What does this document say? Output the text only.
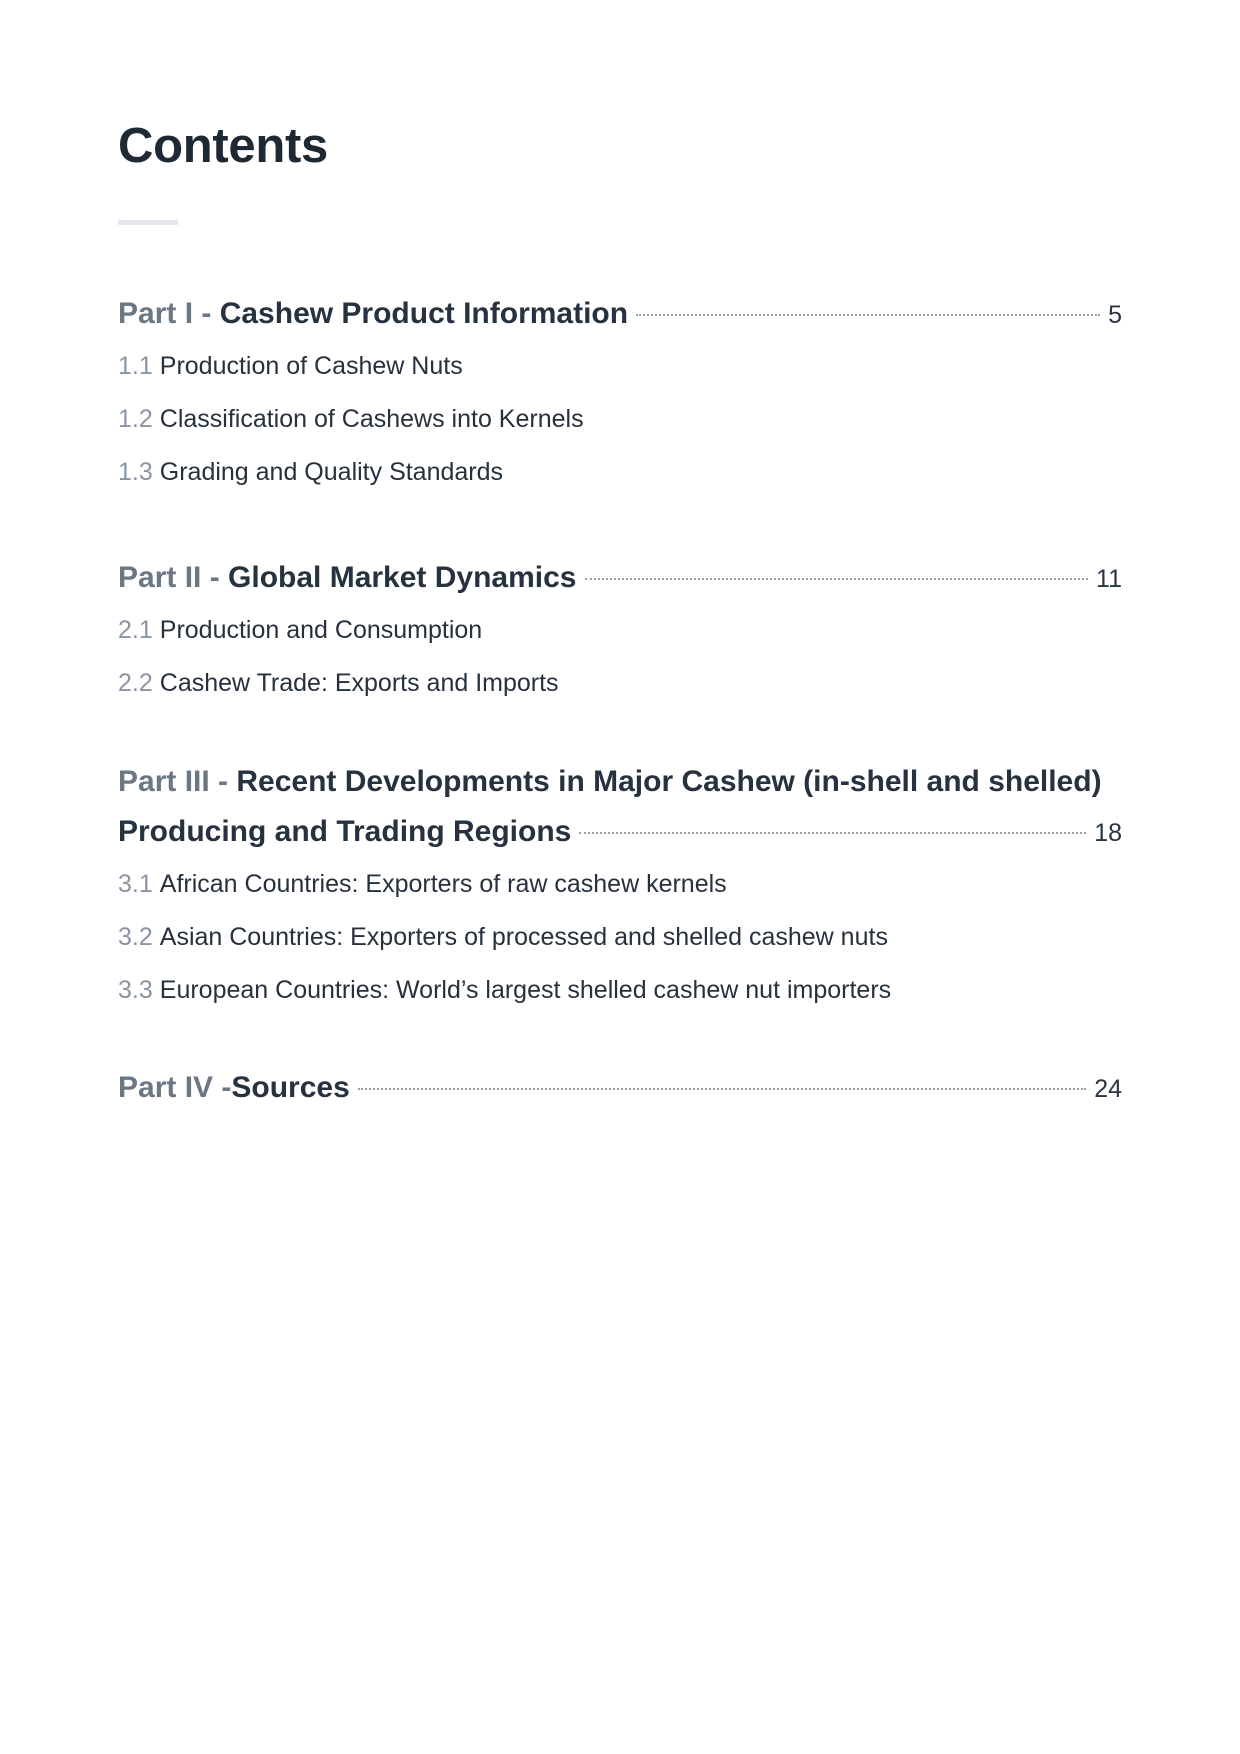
Contents
Part I - Cashew Product Information	5
1.1 Production of Cashew Nuts
1.2 Classification of Cashews into Kernels
1.3 Grading and Quality Standards
Part II - Global Market Dynamics	11
2.1 Production and Consumption
2.2 Cashew Trade: Exports and Imports
Part III - Recent Developments in Major Cashew (in-shell and shelled)
Producing and Trading Regions	18
3.1 African Countries: Exporters of raw cashew kernels
3.2 Asian Countries: Exporters of processed and shelled cashew nuts
3.3 European Countries: World’s largest shelled cashew nut importers
Part IV -Sources	24
